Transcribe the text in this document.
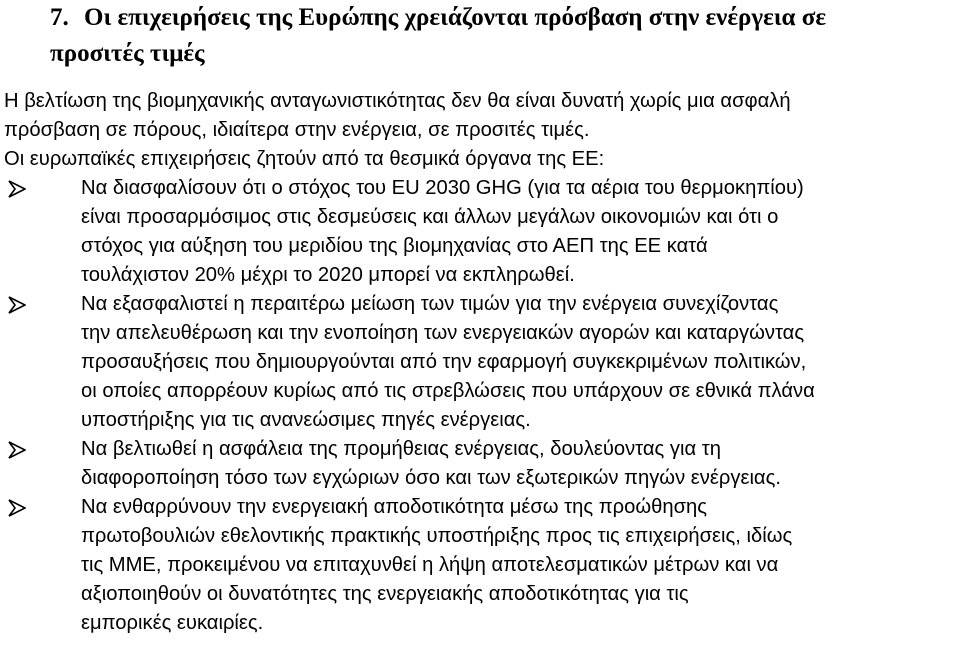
7. Οι επιχειρήσεις της Ευρώπης χρειάζονται πρόσβαση στην ενέργεια σε
προσιτές τιμές
Η βελτίωση της βιομηχανικής ανταγωνιστικότητας δεν θα είναι δυνατή χωρίς μια ασφαλή
πρόσβαση σε πόρους, ιδιαίτερα στην ενέργεια, σε προσιτές τιμές.
Οι ευρωπαϊκές επιχειρήσεις ζητούν από τα θεσμικά όργανα της ΕΕ:
Να διασφαλίσουν ότι ο στόχος του EU 2030 GHG (για τα αέρια του θερμοκηπίου)
είναι προσαρμόσιμος στις δεσμεύσεις και άλλων μεγάλων οικονομιών και ότι ο
στόχος για αύξηση του μεριδίου της βιομηχανίας στο ΑΕΠ της ΕΕ κατά
τουλάχιστον 20% μέχρι το 2020 μπορεί να εκπληρωθεί.
Να εξασφαλιστεί η περαιτέρω μείωση των τιμών για την ενέργεια συνεχίζοντας
την απελευθέρωση και την ενοποίηση των ενεργειακών αγορών και καταργώντας
προσαυξήσεις που δημιουργούνται από την εφαρμογή συγκεκριμένων πολιτικών,
οι οποίες απορρέουν κυρίως από τις στρεβλώσεις που υπάρχουν σε εθνικά πλάνα
υποστήριξης για τις ανανεώσιμες πηγές ενέργειας.
Να βελτιωθεί η ασφάλεια της προμήθειας ενέργειας, δουλεύοντας για τη
διαφοροποίηση τόσο των εγχώριων όσο και των εξωτερικών πηγών ενέργειας.
Να ενθαρρύνουν την ενεργειακή αποδοτικότητα μέσω της προώθησης
πρωτοβουλιών εθελοντικής πρακτικής υποστήριξης προς τις επιχειρήσεις, ιδίως
τις ΜΜΕ, προκειμένου να επιταχυνθεί η λήψη αποτελεσματικών μέτρων και να
αξιοποιηθούν οι δυνατότητες της ενεργειακής αποδοτικότητας για τις
εμπορικές ευκαιρίες.
